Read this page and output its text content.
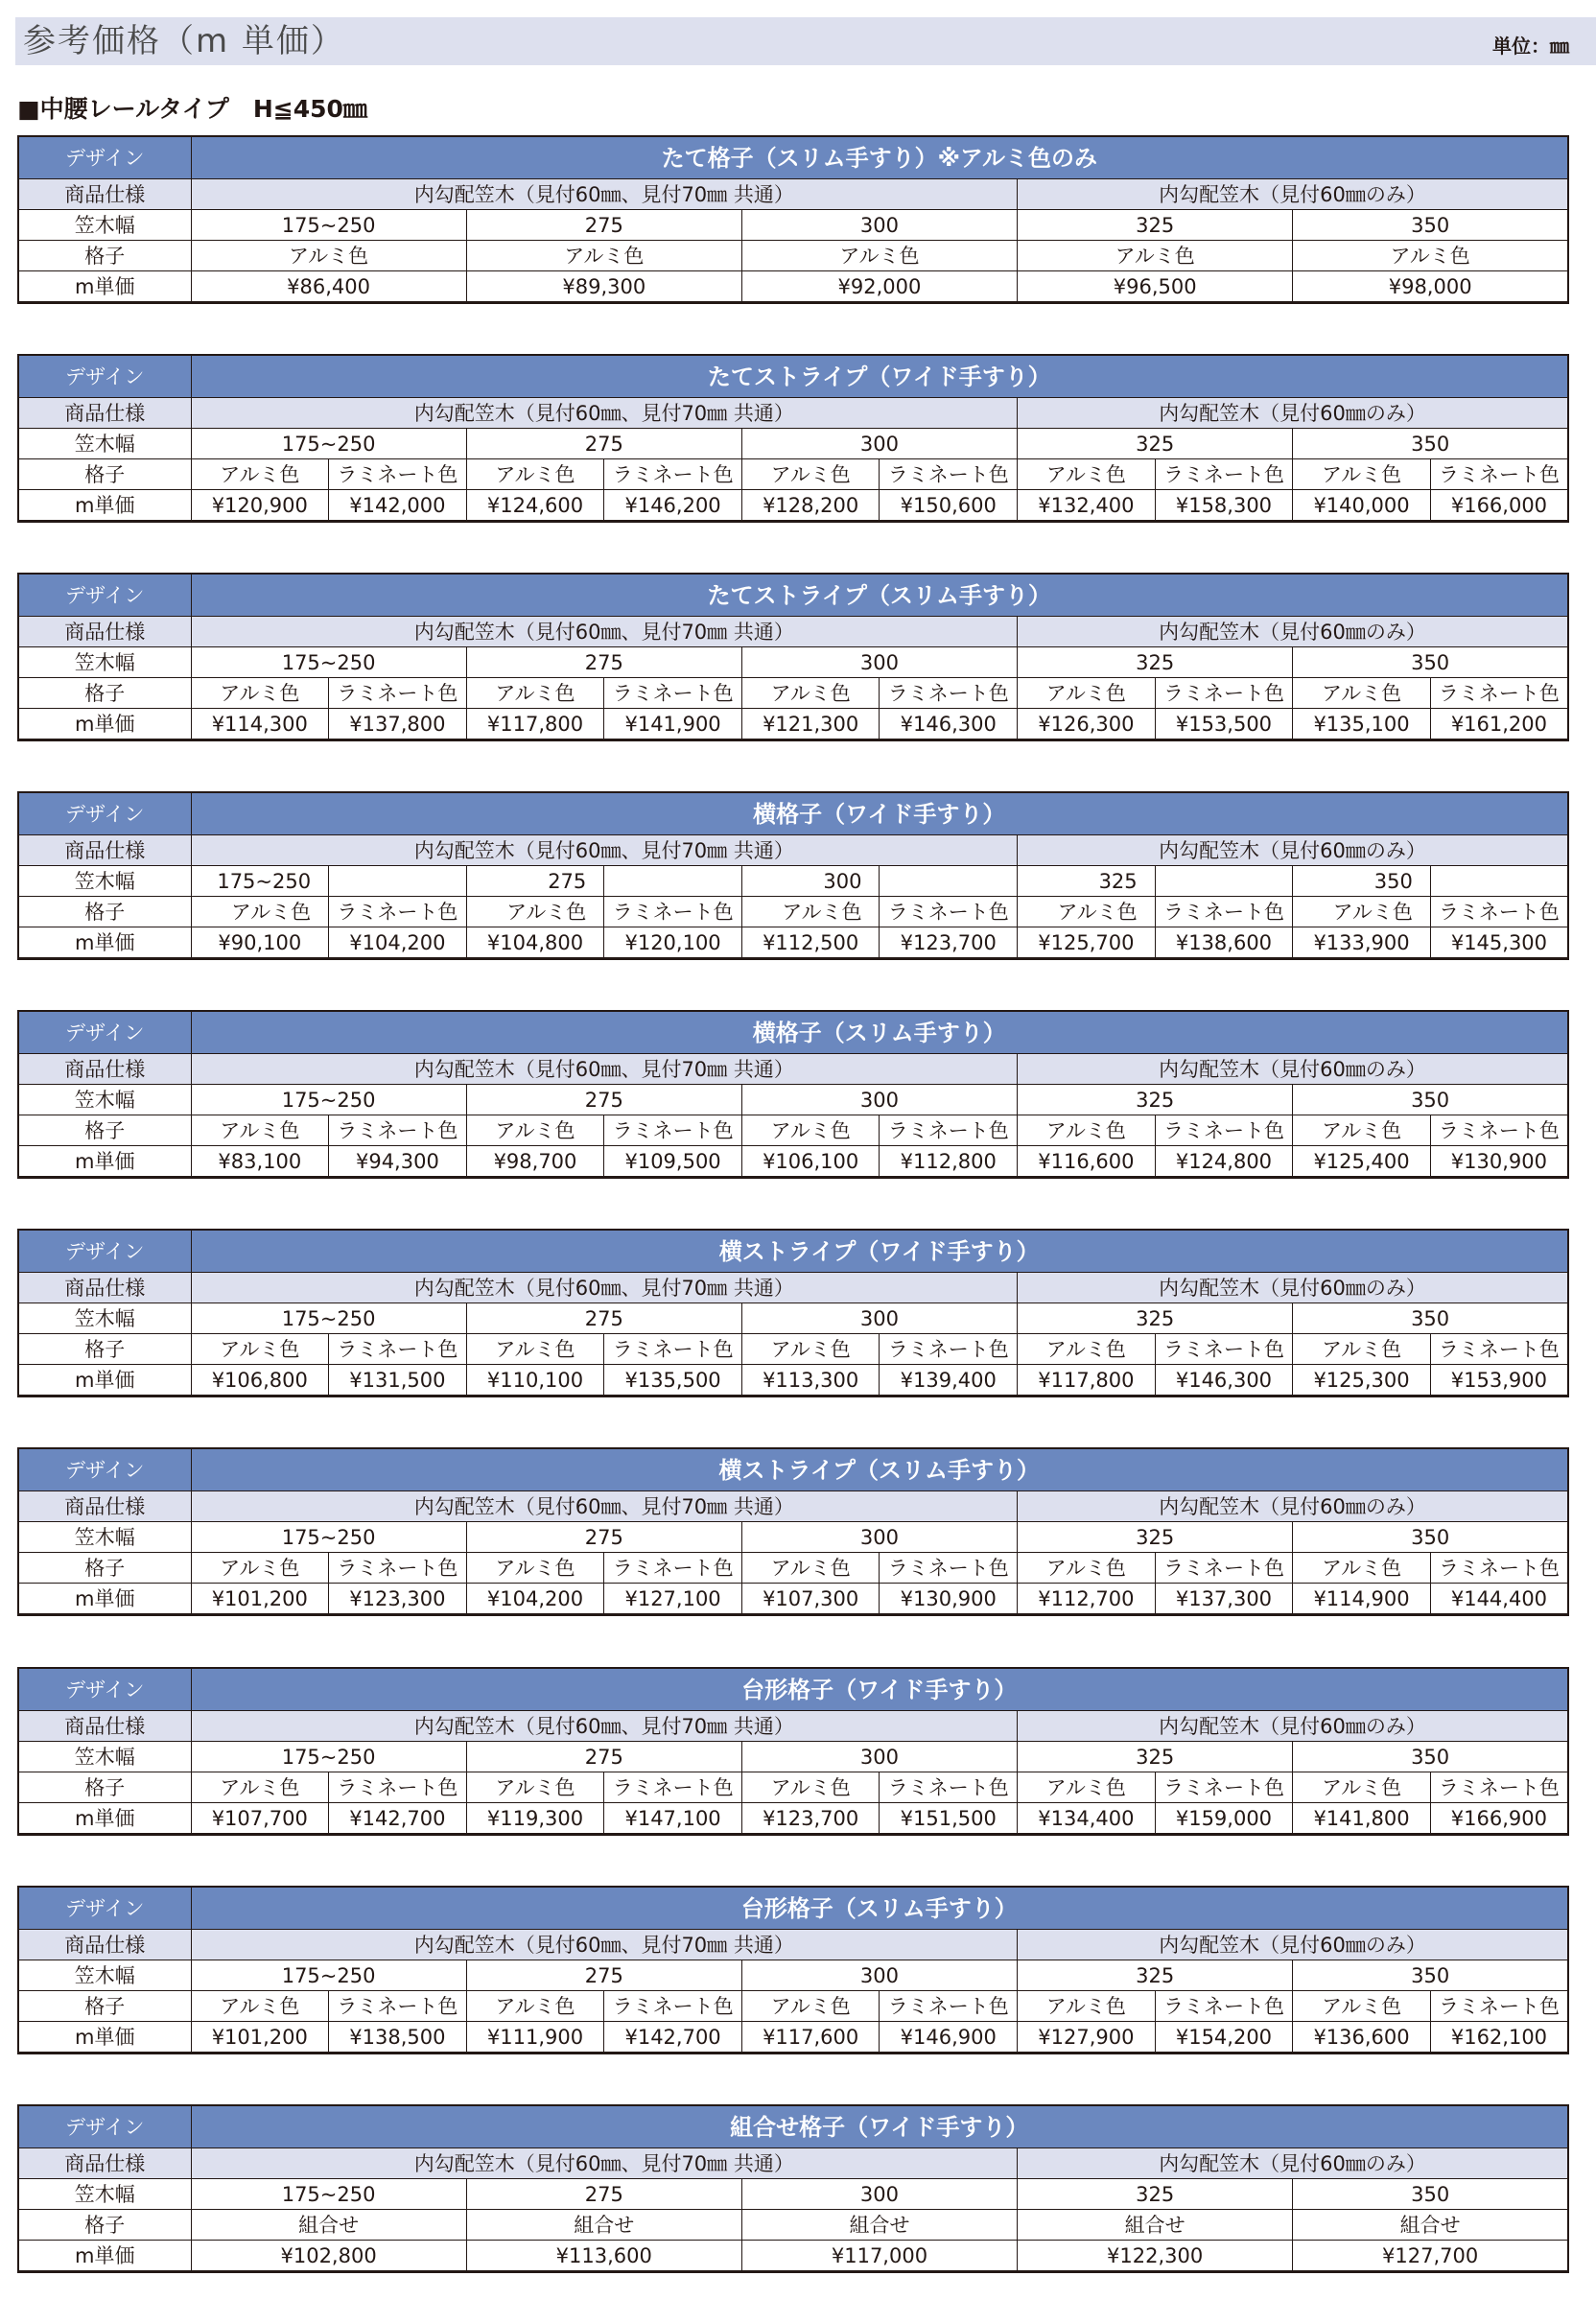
参考価格（m 単価）	単位：㎜
■中腰レールタイプ　H≦450㎜
デザイン	たて格子（スリム手すり）※アルミ色のみ				
商品仕様	内勾配笠木（見付60㎜、見付70㎜ 共通）			内勾配笠木（見付60㎜のみ）	
笠木幅	175~250	275	300	325	350
格子	アルミ色	アルミ色	アルミ色	アルミ色	アルミ色
m単価	¥86,400	¥89,300	¥92,000	¥96,500	¥98,000
デザイン	たてストライプ（ワイド手すり）									
商品仕様	内勾配笠木（見付60㎜、見付70㎜ 共通）						内勾配笠木（見付60㎜のみ）			
笠木幅	175~250		275		300		325		350	
格子	アルミ色	ラミネート色	アルミ色	ラミネート色	アルミ色	ラミネート色	アルミ色	ラミネート色	アルミ色	ラミネート色
m単価	¥120,900	¥142,000	¥124,600	¥146,200	¥128,200	¥150,600	¥132,400	¥158,300	¥140,000	¥166,000
デザイン	たてストライプ（スリム手すり）									
商品仕様	内勾配笠木（見付60㎜、見付70㎜ 共通）						内勾配笠木（見付60㎜のみ）			
笠木幅	175~250		275		300		325		350	
格子	アルミ色	ラミネート色	アルミ色	ラミネート色	アルミ色	ラミネート色	アルミ色	ラミネート色	アルミ色	ラミネート色
m単価	¥114,300	¥137,800	¥117,800	¥141,900	¥121,300	¥146,300	¥126,300	¥153,500	¥135,100	¥161,200
デザイン	横格子（ワイド手すり）									
商品仕様	内勾配笠木（見付60㎜、見付70㎜ 共通）						内勾配笠木（見付60㎜のみ）			
笠木幅	175~250		275		300		325		350	
格子	アルミ色	ラミネート色	アルミ色	ラミネート色	アルミ色	ラミネート色	アルミ色	ラミネート色	アルミ色	ラミネート色
m単価	¥90,100	¥104,200	¥104,800	¥120,100	¥112,500	¥123,700	¥125,700	¥138,600	¥133,900	¥145,300
デザイン	横格子（スリム手すり）									
商品仕様	内勾配笠木（見付60㎜、見付70㎜ 共通）						内勾配笠木（見付60㎜のみ）			
笠木幅	175~250		275		300		325		350	
格子	アルミ色	ラミネート色	アルミ色	ラミネート色	アルミ色	ラミネート色	アルミ色	ラミネート色	アルミ色	ラミネート色
m単価	¥83,100	¥94,300	¥98,700	¥109,500	¥106,100	¥112,800	¥116,600	¥124,800	¥125,400	¥130,900
デザイン	横ストライプ（ワイド手すり）									
商品仕様	内勾配笠木（見付60㎜、見付70㎜ 共通）						内勾配笠木（見付60㎜のみ）			
笠木幅	175~250		275		300		325		350	
格子	アルミ色	ラミネート色	アルミ色	ラミネート色	アルミ色	ラミネート色	アルミ色	ラミネート色	アルミ色	ラミネート色
m単価	¥106,800	¥131,500	¥110,100	¥135,500	¥113,300	¥139,400	¥117,800	¥146,300	¥125,300	¥153,900
デザイン	横ストライプ（スリム手すり）									
商品仕様	内勾配笠木（見付60㎜、見付70㎜ 共通）						内勾配笠木（見付60㎜のみ）			
笠木幅	175~250		275		300		325		350	
格子	アルミ色	ラミネート色	アルミ色	ラミネート色	アルミ色	ラミネート色	アルミ色	ラミネート色	アルミ色	ラミネート色
m単価	¥101,200	¥123,300	¥104,200	¥127,100	¥107,300	¥130,900	¥112,700	¥137,300	¥114,900	¥144,400
デザイン	台形格子（ワイド手すり）									
商品仕様	内勾配笠木（見付60㎜、見付70㎜ 共通）						内勾配笠木（見付60㎜のみ）			
笠木幅	175~250		275		300		325		350	
格子	アルミ色	ラミネート色	アルミ色	ラミネート色	アルミ色	ラミネート色	アルミ色	ラミネート色	アルミ色	ラミネート色
m単価	¥107,700	¥142,700	¥119,300	¥147,100	¥123,700	¥151,500	¥134,400	¥159,000	¥141,800	¥166,900
デザイン	台形格子（スリム手すり）									
商品仕様	内勾配笠木（見付60㎜、見付70㎜ 共通）						内勾配笠木（見付60㎜のみ）			
笠木幅	175~250		275		300		325		350	
格子	アルミ色	ラミネート色	アルミ色	ラミネート色	アルミ色	ラミネート色	アルミ色	ラミネート色	アルミ色	ラミネート色
m単価	¥101,200	¥138,500	¥111,900	¥142,700	¥117,600	¥146,900	¥127,900	¥154,200	¥136,600	¥162,100
デザイン	組合せ格子（ワイド手すり）				
商品仕様	内勾配笠木（見付60㎜、見付70㎜ 共通）			内勾配笠木（見付60㎜のみ）	
笠木幅	175~250	275	300	325	350
格子	組合せ	組合せ	組合せ	組合せ	組合せ
m単価	¥102,800	¥113,600	¥117,000	¥122,300	¥127,700
